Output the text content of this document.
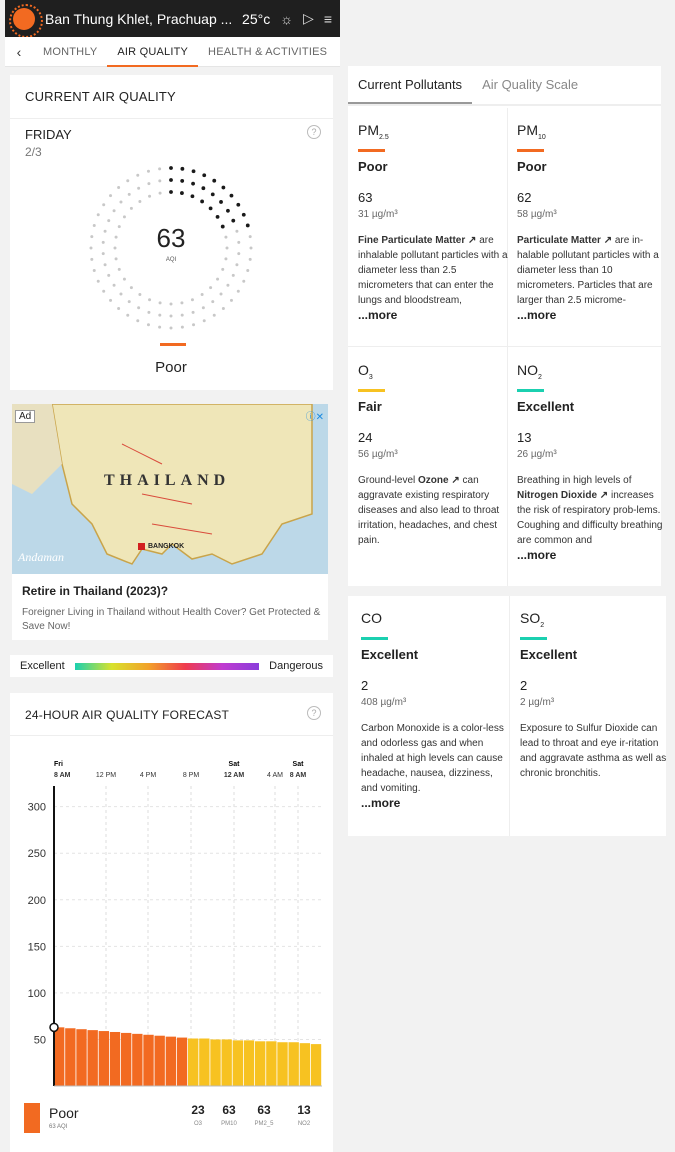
Ban Thung Khlet, Prachuap ... 25°c ☼ ▷ ≡
‹	MONTHLY	AIR QUALITY	HEALTH & ACTIVITIES
CURRENT AIR QUALITY
FRIDAY
2/3
?
63
AQI
Poor
THAILAND
BANGKOK
Andaman
Ad	ⓘ✕
Retire in Thailand (2023)?
Foreigner Living in Thailand without Health Cover? Get Protected & Save Now!
Excellent	Dangerous
24-HOUR AIR QUALITY FORECAST	?
Fri
8 AM	12 PM	4 PM	8 PM
Sat
12 AM	4 AM
Sat
8 AM
50
100
150
200
250
300
Poor
63 AQI
23
O3
63
PM10
63
PM2_5
13
NO2
Current Pollutants	Air Quality Scale
$PM_{2.5}$
Poor
63
31 µg/m³
Fine Particulate Matter ↗ are inhalable pollutant particles with a diameter less than 2.5 micrometers that can enter the lungs and bloodstream,
...more
$PM_{10}$
Poor
62
58 µg/m³
Particulate Matter ↗ are in-halable pollutant particles with a diameter less than 10 micrometers. Particles that are larger than 2.5 microme-
...more
$O_3$
Fair
24
56 µg/m³
Ground-level Ozone ↗ can aggravate existing respiratory diseases and also lead to throat irritation, headaches, and chest pain.
$NO_2$
Excellent
13
26 µg/m³
Breathing in high levels of Nitrogen Dioxide ↗ increases the risk of respiratory prob-lems. Coughing and difficulty breathing are common and
...more
CO
Excellent
2
408 µg/m³
Carbon Monoxide is a color-less and odorless gas and when inhaled at high levels can cause headache, nausea, dizziness, and vomiting.
...more
$SO_2$
Excellent
2
2 µg/m³
Exposure to Sulfur Dioxide can lead to throat and eye ir-ritation and aggravate asthma as well as chronic bronchitis.
